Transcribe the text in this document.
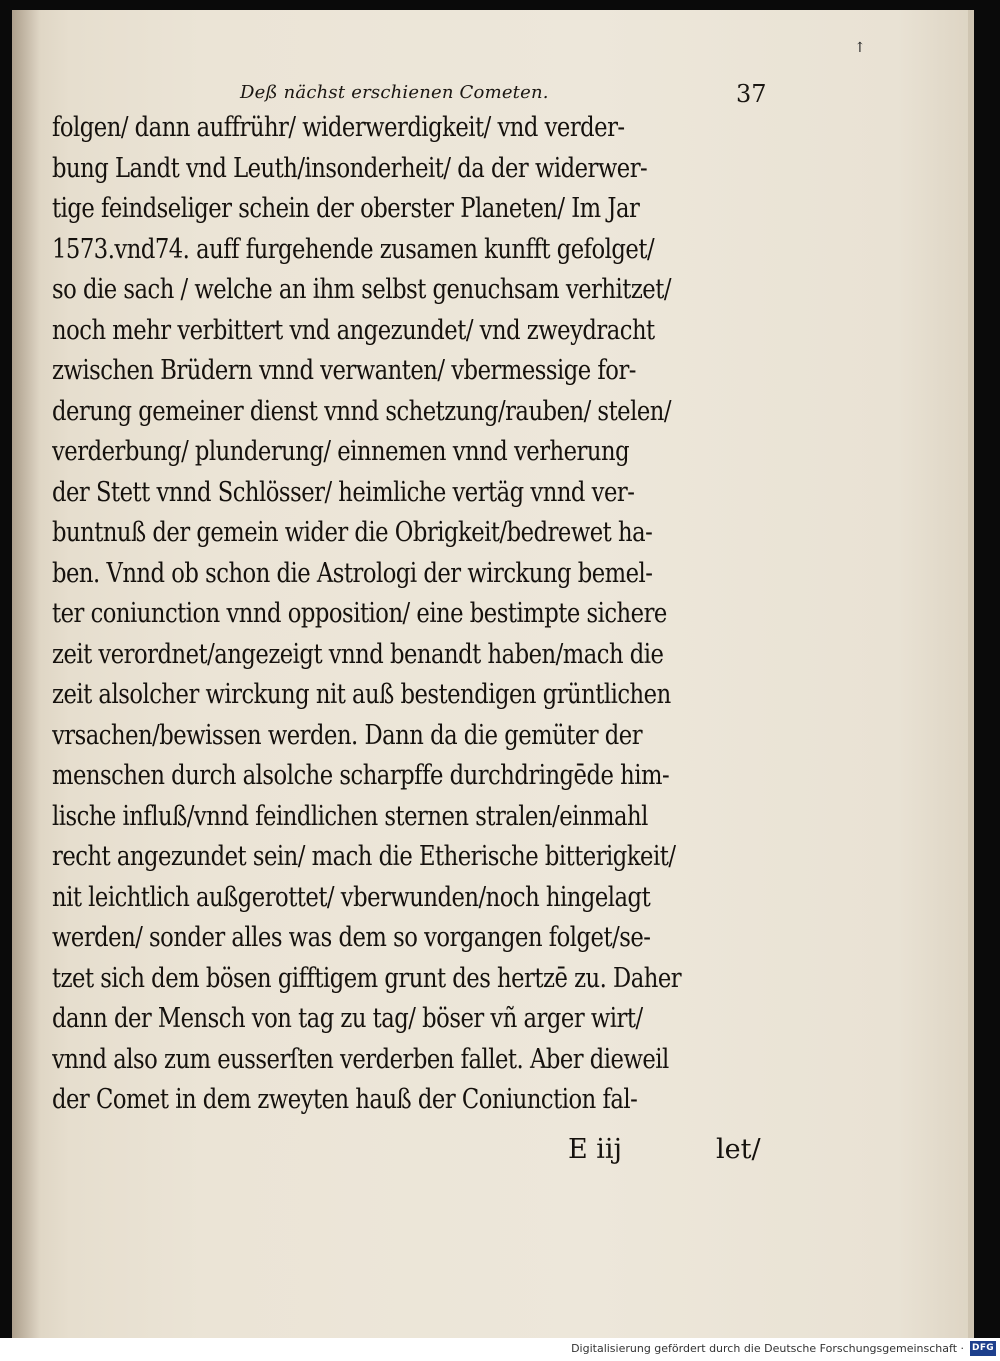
↑
Deß nächst erschienen Cometen.	37
folgen/ dann auffrühr/ widerwerdigkeit/ vnd verder-
bung Landt vnd Leuth/insonderheit/ da der widerwer-
tige feindseliger schein der oberster Planeten/ Im Jar
1573.vnd74. auff furgehende zusamen kunfft gefolget/
so die sach / welche an ihm selbst genuchsam verhitzet/
noch mehr verbittert vnd angezundet/ vnd zweydracht
zwischen Brüdern vnnd verwanten/ vbermessige for-
derung gemeiner dienst vnnd schetzung/rauben/ stelen/
verderbung/ plunderung/ einnemen vnnd verherung
der Stett vnnd Schlösser/ heimliche vertäg vnnd ver-
buntnuß der gemein wider die Obrigkeit/bedrewet ha-
ben. Vnnd ob schon die Astrologi der wirckung bemel-
ter coniunction vnnd opposition/ eine bestimpte sichere
zeit verordnet/angezeigt vnnd benandt haben/mach die
zeit alsolcher wirckung nit auß bestendigen grüntlichen
vrsachen/bewissen werden. Dann da die gemüter der
menschen durch alsolche scharpffe durchdringēde him-
lische influß/vnnd feindlichen sternen stralen/einmahl
recht angezundet sein/ mach die Etherische bitterigkeit/
nit leichtlich außgerottet/ vberwunden/noch hingelagt
werden/ sonder alles was dem so vorgangen folget/se-
tzet sich dem bösen gifftigem grunt des hertzē zu. Daher
dann der Mensch von tag zu tag/ böser vñ arger wirt/
vnnd also zum eusserſten verderben fallet. Aber dieweil
der Comet in dem zweyten hauß der Coniunction fal-
E iij	let/
Digitalisierung gefördert durch die Deutsche Forschungsgemeinschaft · DFG
